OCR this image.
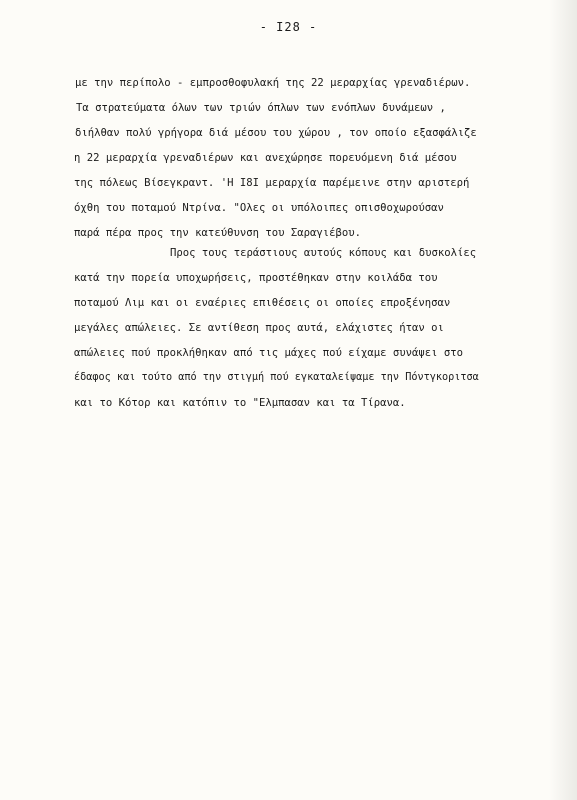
- I28 -
με την περίπολο - εμπροσθοφυλακή της 22 μεραρχίας γρεναδιέρων.
Τα στρατεύματα όλων των τριών όπλων των ενόπλων δυνάμεων ,
διήλθαν πολύ γρήγορα διά μέσου του χώρου , τον οποίο εξασφάλιζε
η 22 μεραρχία γρεναδιέρων και ανεχώρησε πορευόμενη διά μέσου
της πόλεως Βίσεγκραντ. 'Η Ι8Ι μεραρχία παρέμεινε στην αριστερή
όχθη του ποταμού Ντρίνα. "Ολες οι υπόλοιπες οπισθοχωρούσαν
παρά πέρα προς την κατεύθυνση του Σαραγιέβου.
Προς τους τεράστιους αυτούς κόπους και δυσκολίες
κατά την πορεία υποχωρήσεις, προστέθηκαν στην κοιλάδα του
ποταμού Λιμ και οι εναέριες επιθέσεις οι οποίες επροξένησαν
μεγάλες απώλειες. Σε αντίθεση προς αυτά, ελάχιστες ήταν οι
απώλειες πού προκλήθηκαν από τις μάχες πού είχαμε συνάψει στο
έδαφος και τούτο από την στιγμή πού εγκαταλείψαμε την Πόντγκοριτσα
και το Κότορ και κατόπιν το "Ελμπασαν και τα Τίρανα.
